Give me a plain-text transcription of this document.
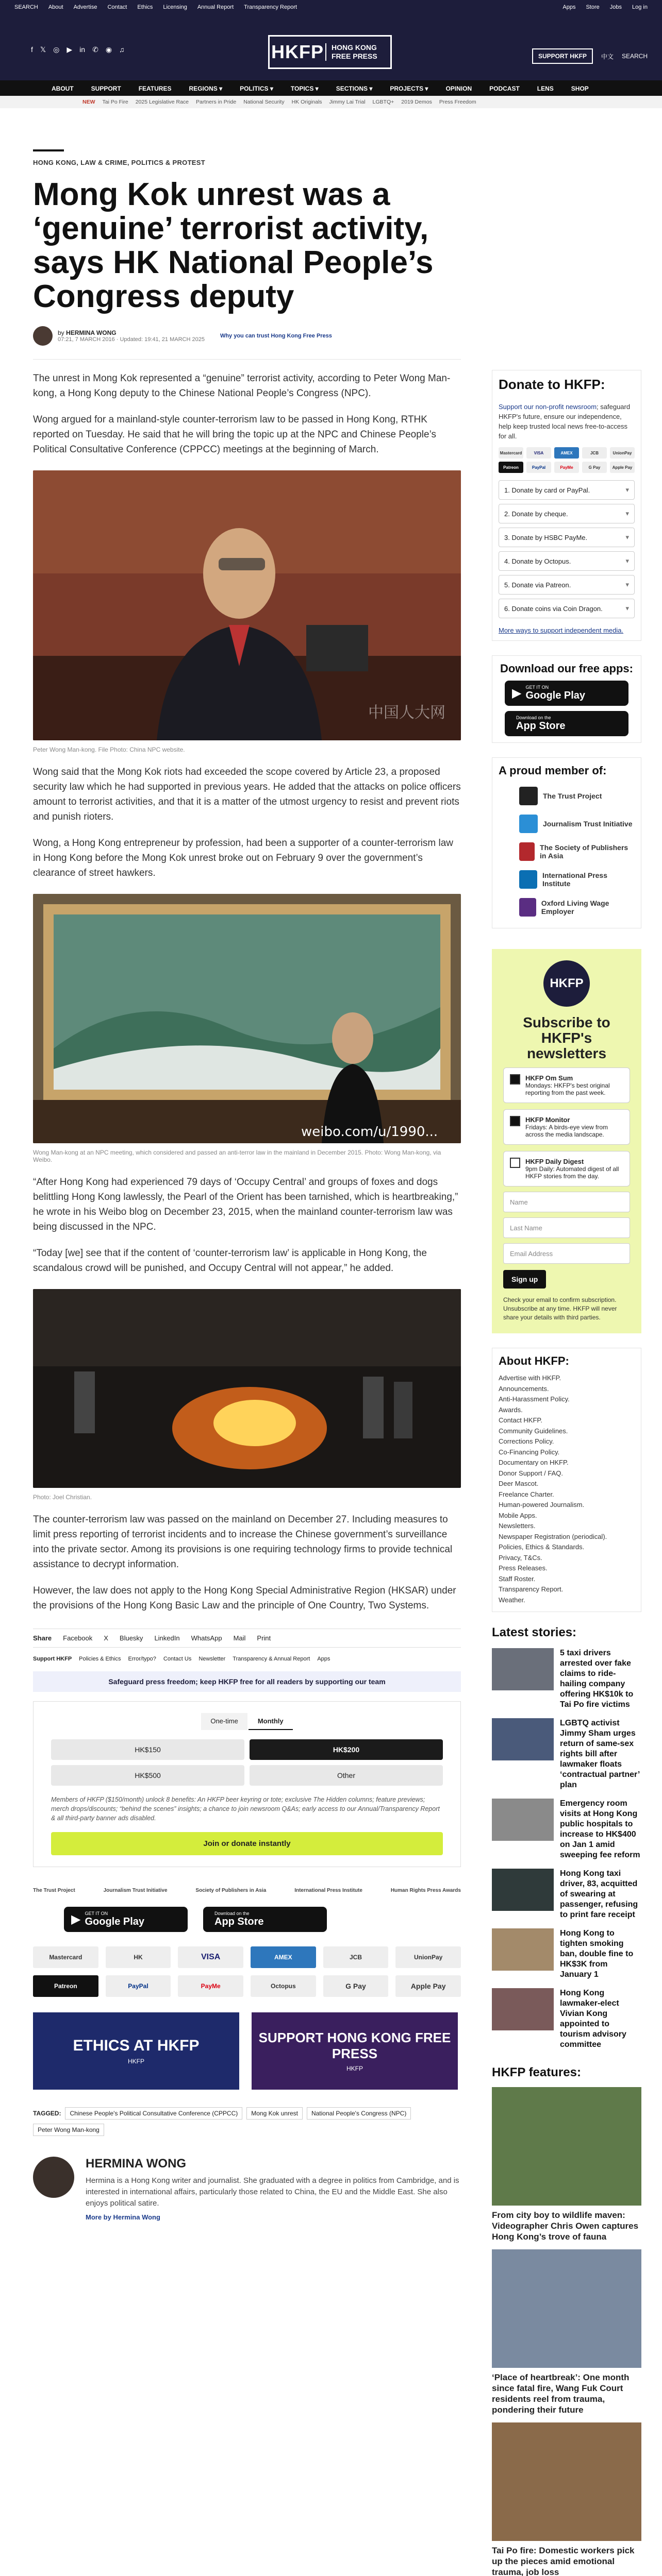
SEARCH About Advertise Contact Ethics Licensing Annual Report Transparency Report	Apps Store Jobs Log in
f 𝕏 ◎ ▶ in ✆ ◉ ♫	HKFP HONG KONG
FREE PRESS	SUPPORT HKFP	中文 SEARCH
ABOUT	SUPPORT	FEATURES	REGIONS ▾	POLITICS ▾	TOPICS ▾	SECTIONS ▾	PROJECTS ▾	OPINION	PODCAST	LENS	SHOP
NEW Tai Po Fire 2025 Legislative Race Partners in Pride National Security HK Originals Jimmy Lai Trial LGBTQ+ 2019 Demos Press Freedom
HONG KONG, LAW & CRIME, POLITICS & PROTEST
Mong Kok unrest was a ‘genuine’ terrorist activity, says HK National People’s Congress deputy
by HERMINA WONG
07:21, 7 MARCH 2016 · Updated: 19:41, 21 MARCH 2025
Why you can trust Hong Kong Free Press

The unrest in Mong Kok represented a “genuine” terrorist activity, according to Peter Wong Man-kong, a Hong Kong deputy to the Chinese National People’s Congress (NPC).

Wong argued for a mainland-style counter-terrorism law to be passed in Hong Kong, RTHK reported on Tuesday. He said that he will bring the topic up at the NPC and Chinese People’s Political Consultative Conference (CPPCC) meetings at the beginning of March.

中国人大网
Peter Wong Man-kong. File Photo: China NPC website.

Wong said that the Mong Kok riots had exceeded the scope covered by Article 23, a proposed security law which he had supported in previous years. He added that the attacks on police officers amount to terrorist activities, and that it is a matter of the utmost urgency to resist and prevent riots and punish rioters.

Wong, a Hong Kong entrepreneur by profession, had been a supporter of a counter-terrorism law in Hong Kong before the Mong Kok unrest broke out on February 9 over the government’s clearance of street hawkers.

weibo.com/u/1990...
Wong Man-kong at an NPC meeting, which considered and passed an anti-terror law in the mainland in December 2015. Photo: Wong Man-kong, via Weibo.

“After Hong Kong had experienced 79 days of ‘Occupy Central’ and groups of foxes and dogs belittling Hong Kong lawlessly, the Pearl of the Orient has been tarnished, which is heartbreaking,” he wrote in his Weibo blog on December 23, 2015, when the mainland counter-terrorism law was being discussed in the NPC.

“Today [we] see that if the content of ‘counter-terrorism law’ is applicable in Hong Kong, the scandalous crowd will be punished, and Occupy Central will not appear,” he added.

Photo: Joel Christian.

The counter-terrorism law was passed on the mainland on December 27. Including measures to limit press reporting of terrorist incidents and to increase the Chinese government’s surveillance into the private sector. Among its provisions is one requiring technology firms to provide technical assistance to decrypt information.

However, the law does not apply to the Hong Kong Special Administrative Region (HKSAR) under the provisions of the Hong Kong Basic Law and the principle of One Country, Two Systems.

Share Facebook X Bluesky LinkedIn WhatsApp Mail Print
Support HKFP Policies & Ethics Error/typo? Contact Us Newsletter Transparency & Annual Report Apps
Safeguard press freedom; keep HKFP free for all readers by supporting our team
One-time	Monthly
HK$150	HK$200
HK$500	Other
Members of HKFP ($150/month) unlock 8 benefits: An HKFP beer keyring or tote; exclusive The Hidden columns; feature previews; merch drops/discounts; “behind the scenes” insights; a chance to join newsroom Q&As; early access to our Annual/Transparency Report & all third-party banner ads disabled.
Join or donate instantly
The Trust Project	Journalism Trust Initiative	Society of Publishers in Asia	International Press Institute	Human Rights Press Awards
▶ GET IT ON
Google Play
Download on the
App Store
Mastercard	HK	VISA	AMEX	JCB	UnionPay
Patreon	PayPal	PayMe	Octopus	G Pay	Apple Pay
ETHICS AT HKFP
HKFP
SUPPORT HONG KONG FREE PRESS
HKFP
TAGGED:	Chinese People's Political Consultative Conference (CPPCC)	Mong Kok unrest	National People's Congress (NPC)
Peter Wong Man-kong
HERMINA WONG
Hermina is a Hong Kong writer and journalist. She graduated with a degree in politics from Cambridge, and is interested in international affairs, particularly those related to China, the EU and the Middle East. She also enjoys political satire.
More by Hermina Wong
Donate to HKFP:
Support our non-profit newsroom; safeguard HKFP's future, ensure our independence, help keep trusted local news free-to-access for all.
Mastercard	VISA	AMEX	JCB	UnionPay
Patreon	PayPal	PayMe	G Pay	Apple Pay
1. Donate by card or PayPal.	▾
2. Donate by cheque.	▾
3. Donate by HSBC PayMe.	▾
4. Donate by Octopus.	▾
5. Donate via Patreon.	▾
6. Donate coins via Coin Dragon.	▾
More ways to support independent media.
Download our free apps:
▶ GET IT ON
Google Play
Download on the
App Store
A proud member of:
The Trust Project
Journalism Trust Initiative
The Society of Publishers in Asia
International Press Institute
Oxford Living Wage Employer
HKFP
Subscribe to HKFP's newsletters
HKFP Om Sum
Mondays: HKFP's best original reporting from the past week.
HKFP Monitor
Fridays: A birds-eye view from across the media landscape.
HKFP Daily Digest
9pm Daily: Automated digest of all HKFP stories from the day.
Name
Last Name
Email Address
Sign up
Check your email to confirm subscription. Unsubscribe at any time. HKFP will never share your details with third parties.
About HKFP:
Advertise with HKFP.
Announcements.
Anti-Harassment Policy.
Awards.
Contact HKFP.
Community Guidelines.
Corrections Policy.
Co-Financing Policy.
Documentary on HKFP.
Donor Support / FAQ.
Deer Mascot.
Freelance Charter.
Human-powered Journalism.
Mobile Apps.
Newsletters.
Newspaper Registration (periodical).
Policies, Ethics & Standards.
Privacy, T&Cs.
Press Releases.
Staff Roster.
Transparency Report.
Weather.
Latest stories:
5 taxi drivers arrested over fake claims to ride-hailing company offering HK$10k to Tai Po fire victims
LGBTQ activist Jimmy Sham urges return of same-sex rights bill after lawmaker floats ‘contractual partner’ plan
Emergency room visits at Hong Kong public hospitals to increase to HK$400 on Jan 1 amid sweeping fee reform
Hong Kong taxi driver, 83, acquitted of swearing at passenger, refusing to print fare receipt
Hong Kong to tighten smoking ban, double fine to HK$3K from January 1
Hong Kong lawmaker-elect Vivian Kong appointed to tourism advisory committee
HKFP features:
From city boy to wildlife maven: Videographer Chris Owen captures Hong Kong’s trove of fauna
‘Place of heartbreak’: One month since fatal fire, Wang Fuk Court residents reel from trauma, pondering their future
Tai Po fire: Domestic workers pick up the pieces amid emotional trauma, job loss
